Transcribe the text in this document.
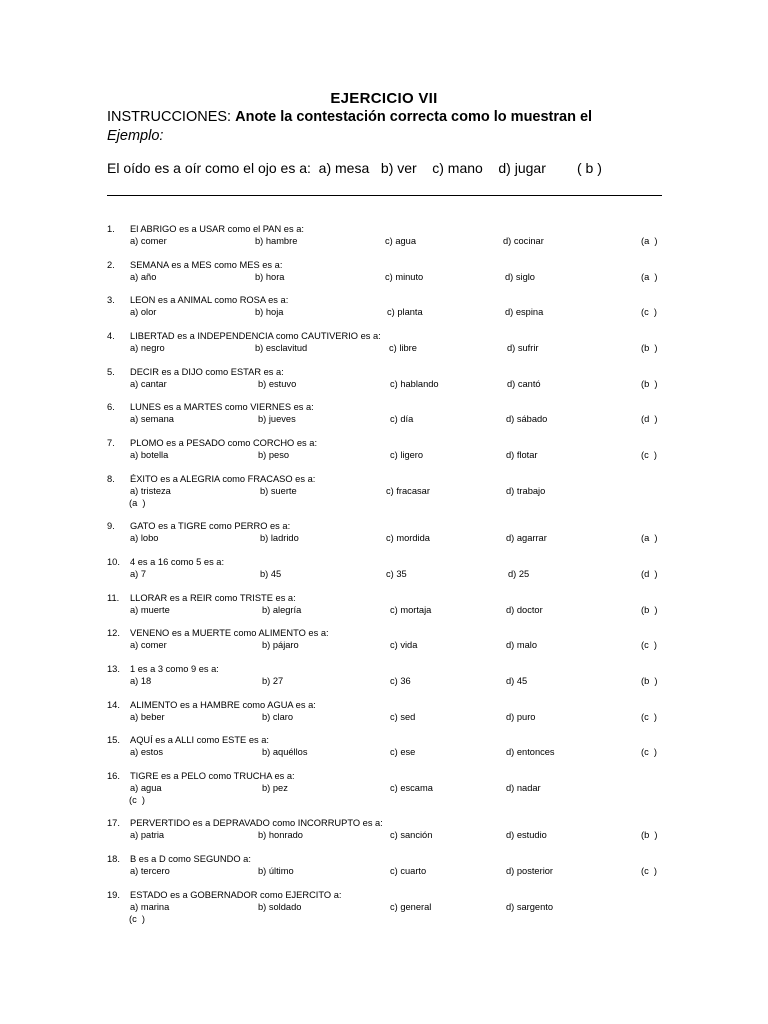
EJERCICIO VII
INSTRUCCIONES: Anote la contestación correcta como lo muestran el
Ejemplo:
El oído es a oír como el ojo es a:  a) mesa   b) ver    c) mano    d) jugar        ( b )
1. El ABRIGO es a USAR como el PAN es a:
a) comer	b) hambre	c) agua	d) cocinar	(a  )
2. SEMANA es a MES como MES es a:
a) año	b) hora	c) minuto	d) siglo	(a  )
3. LEON es a ANIMAL como ROSA es a:
a) olor	b) hoja	c) planta	d) espina	(c  )
4. LIBERTAD es a INDEPENDENCIA como CAUTIVERIO es a:
a) negro	b) esclavitud	c) libre	d) sufrir	(b  )
5. DECIR es a DIJO como ESTAR es a:
a) cantar	b) estuvo	c) hablando	d) cantó	(b  )
6. LUNES es a MARTES como VIERNES es a:
a) semana	b) jueves	c) día	d) sábado	(d  )
7. PLOMO es a PESADO como CORCHO es a:
a) botella	b) peso	c) ligero	d) flotar	(c  )
8. ÉXITO es a ALEGRIA como FRACASO es a:
a) tristeza	b) suerte	c) fracasar	d) trabajo
(a  )
9. GATO es a TIGRE como PERRO es a:
a) lobo	b) ladrido	c) mordida	d) agarrar	(a  )
10. 4 es a 16 como 5 es a:
a) 7	b) 45	c) 35	d) 25	(d  )
11. LLORAR es a REIR como TRISTE es a:
a) muerte	b) alegría	c) mortaja	d) doctor	(b  )
12. VENENO es a MUERTE como ALIMENTO es a:
a) comer	b) pájaro	c) vida	d) malo	(c  )
13. 1 es a 3 como 9 es a:
a) 18	b) 27	c) 36	d) 45	(b  )
14. ALIMENTO es a HAMBRE como AGUA es a:
a) beber	b) claro	c) sed	d) puro	(c  )
15. AQUÍ es a ALLI como ESTE es a:
a) estos	b) aquéllos	c) ese	d) entonces	(c  )
16. TIGRE es a PELO como TRUCHA es a:
a) agua	b) pez	c) escama	d) nadar
(c  )
17. PERVERTIDO es a DEPRAVADO como INCORRUPTO es a:
a) patria	b) honrado	c) sanción	d) estudio	(b  )
18. B es a D como SEGUNDO a:
a) tercero	b) último	c) cuarto	d) posterior	(c  )
19. ESTADO es a GOBERNADOR como EJERCITO a:
a) marina	b) soldado	c) general	d) sargento
(c  )
